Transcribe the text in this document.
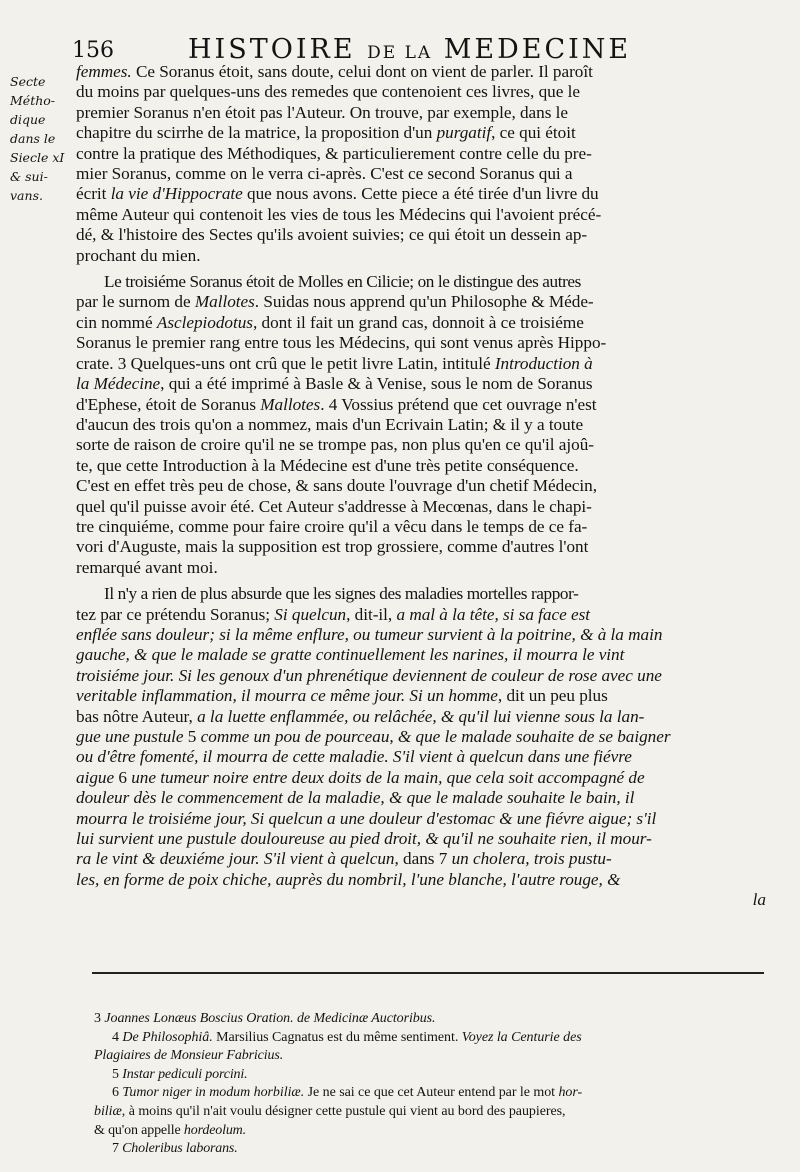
156	HISTOIRE DE LA MEDECINE
Secte
Métho-
dique
dans le
Siecle xI
& sui-
vans.
femmes. Ce Soranus étoit, sans doute, celui dont on vient de parler. Il paroît
du moins par quelques-uns des remedes que contenoient ces livres, que le
premier Soranus n'en étoit pas l'Auteur. On trouve, par exemple, dans le
chapitre du scirrhe de la matrice, la proposition d'un purgatif, ce qui étoit
contre la pratique des Méthodiques, & particulierement contre celle du pre-
mier Soranus, comme on le verra ci-après. C'est ce second Soranus qui a
écrit la vie d'Hippocrate que nous avons. Cette piece a été tirée d'un livre du
même Auteur qui contenoit les vies de tous les Médecins qui l'avoient précé-
dé, & l'histoire des Sectes qu'ils avoient suivies; ce qui étoit un dessein ap-
prochant du mien.
Le troisiéme Soranus étoit de Molles en Cilicie; on le distingue des autres
par le surnom de Mallotes. Suidas nous apprend qu'un Philosophe & Méde-
cin nommé Asclepiodotus, dont il fait un grand cas, donnoit à ce troisiéme
Soranus le premier rang entre tous les Médecins, qui sont venus après Hippo-
crate. 3 Quelques-uns ont crû que le petit livre Latin, intitulé Introduction à
la Médecine, qui a été imprimé à Basle & à Venise, sous le nom de Soranus
d'Ephese, étoit de Soranus Mallotes. 4 Vossius prétend que cet ouvrage n'est
d'aucun des trois qu'on a nommez, mais d'un Ecrivain Latin; & il y a toute
sorte de raison de croire qu'il ne se trompe pas, non plus qu'en ce qu'il ajoû-
te, que cette Introduction à la Médecine est d'une très petite conséquence.
C'est en effet très peu de chose, & sans doute l'ouvrage d'un chetif Médecin,
quel qu'il puisse avoir été. Cet Auteur s'addresse à Mecœnas, dans le chapi-
tre cinquiéme, comme pour faire croire qu'il a vêcu dans le temps de ce fa-
vori d'Auguste, mais la supposition est trop grossiere, comme d'autres l'ont
remarqué avant moi.
Il n'y a rien de plus absurde que les signes des maladies mortelles rappor-
tez par ce prétendu Soranus; Si quelcun, dit-il, a mal à la tête, si sa face est
enflée sans douleur; si la même enflure, ou tumeur survient à la poitrine, & à la main
gauche, & que le malade se gratte continuellement les narines, il mourra le vint
troisiéme jour. Si les genoux d'un phrenétique deviennent de couleur de rose avec une
veritable inflammation, il mourra ce même jour. Si un homme, dit un peu plus
bas nôtre Auteur, a la luette enflammée, ou relâchée, & qu'il lui vienne sous la lan-
gue une pustule 5 comme un pou de pourceau, & que le malade souhaite de se baigner
ou d'être fomenté, il mourra de cette maladie. S'il vient à quelcun dans une fiévre
aigue 6 une tumeur noire entre deux doits de la main, que cela soit accompagné de
douleur dès le commencement de la maladie, & que le malade souhaite le bain, il
mourra le troisiéme jour, Si quelcun a une douleur d'estomac & une fiévre aigue; s'il
lui survient une pustule douloureuse au pied droit, & qu'il ne souhaite rien, il mour-
ra le vint & deuxiéme jour. S'il vient à quelcun, dans 7 un cholera, trois pustu-
les, en forme de poix chiche, auprès du nombril, l'une blanche, l'autre rouge, &
la
3 Joannes Lonæus Boscius Oration. de Medicinæ Auctoribus.
4 De Philosophiâ. Marsilius Cagnatus est du même sentiment. Voyez la Centurie des
Plagiaires de Monsieur Fabricius.
5 Instar pediculi porcini.
6 Tumor niger in modum horbiliæ. Je ne sai ce que cet Auteur entend par le mot hor-
biliæ, à moins qu'il n'ait voulu désigner cette pustule qui vient au bord des paupieres,
& qu'on appelle hordeolum.
7 Choleribus laborans.
